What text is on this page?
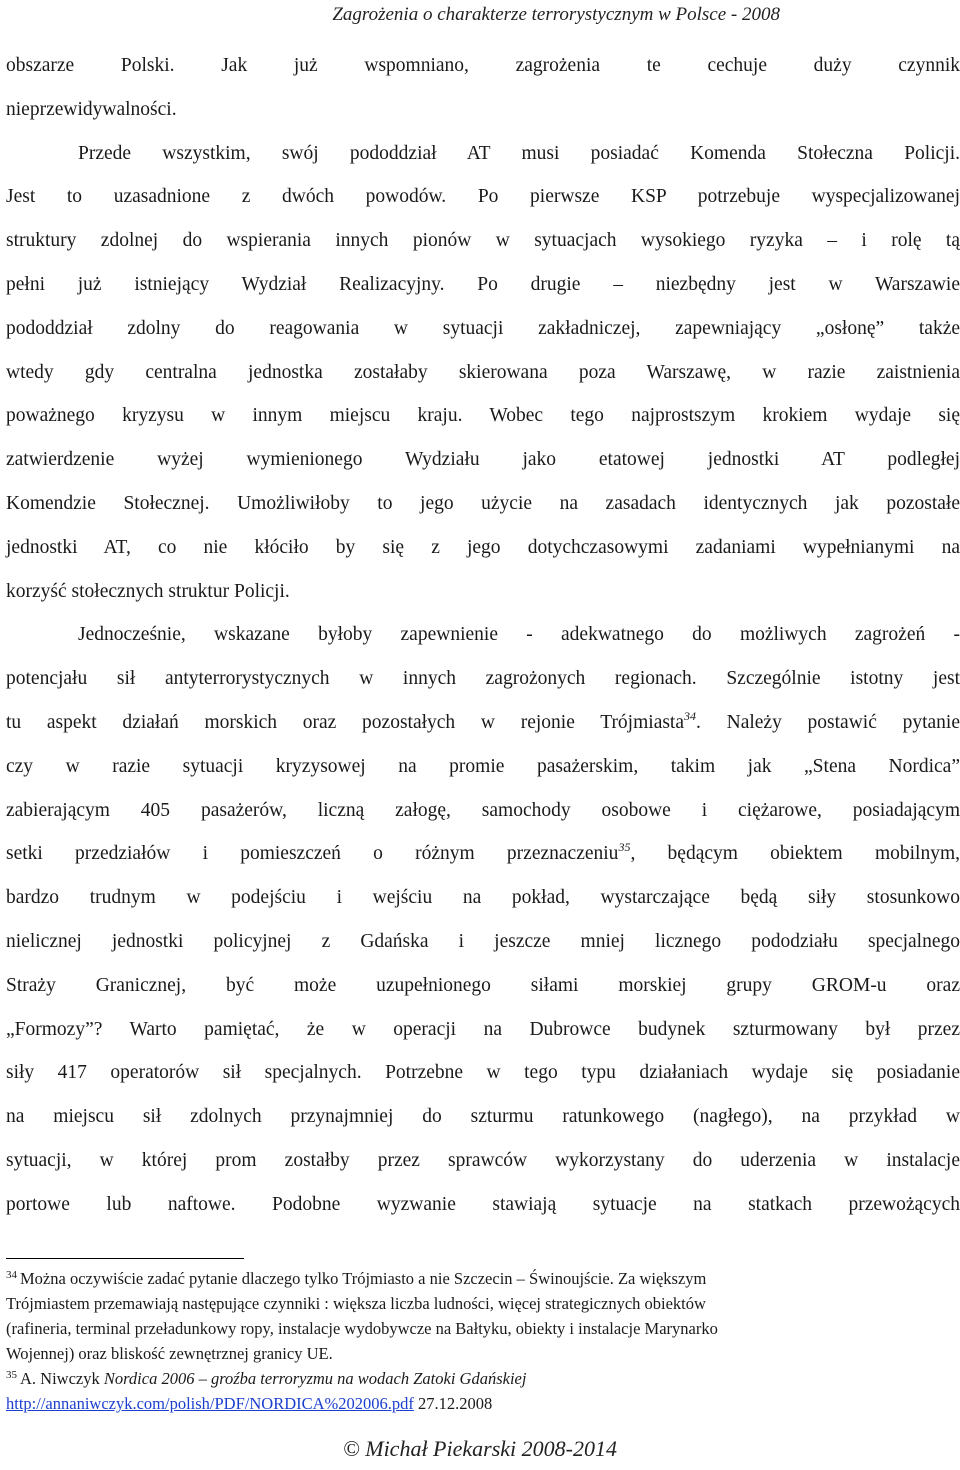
Zagrożenia o charakterze terrorystycznym w Polsce - 2008

obszarze Polski. Jak już wspomniano, zagrożenia te cechuje duży czynnik

nieprzewidywalności.

Przede wszystkim, swój pododdział AT musi posiadać Komenda Stołeczna Policji.

Jest to uzasadnione z dwóch powodów. Po pierwsze KSP potrzebuje wyspecjalizowanej

struktury zdolnej do wspierania innych pionów w sytuacjach wysokiego ryzyka – i rolę tą

pełni już istniejący Wydział Realizacyjny. Po drugie – niezbędny jest w Warszawie

pododdział zdolny do reagowania w sytuacji zakładniczej, zapewniający „osłonę” także

wtedy gdy centralna jednostka zostałaby skierowana poza Warszawę, w razie zaistnienia

poważnego kryzysu w innym miejscu kraju. Wobec tego najprostszym krokiem wydaje się

zatwierdzenie wyżej wymienionego Wydziału jako etatowej jednostki AT podległej

Komendzie Stołecznej. Umożliwiłoby to jego użycie na zasadach identycznych jak pozostałe

jednostki AT, co nie kłóciło by się z jego dotychczasowymi zadaniami wypełnianymi na

korzyść stołecznych struktur Policji.

Jednocześnie, wskazane byłoby zapewnienie - adekwatnego do możliwych zagrożeń -

potencjału sił antyterrorystycznych w innych zagrożonych regionach. Szczególnie istotny jest

tu aspekt działań morskich oraz pozostałych w rejonie Trójmiasta$^{34}$. Należy postawić pytanie

czy w razie sytuacji kryzysowej na promie pasażerskim, takim jak „Stena Nordica”

zabierającym 405 pasażerów, liczną załogę, samochody osobowe i ciężarowe, posiadającym

setki przedziałów i pomieszczeń o różnym przeznaczeniu$^{35}$, będącym obiektem mobilnym,

bardzo trudnym w podejściu i wejściu na pokład, wystarczające będą siły stosunkowo

nielicznej jednostki policyjnej z Gdańska i jeszcze mniej licznego pododziału specjalnego

Straży Granicznej, być może uzupełnionego siłami morskiej grupy GROM-u oraz

„Formozy”? Warto pamiętać, że w operacji na Dubrowce budynek szturmowany był przez

siły 417 operatorów sił specjalnych. Potrzebne w tego typu działaniach wydaje się posiadanie

na miejscu sił zdolnych przynajmniej do szturmu ratunkowego (nagłego), na przykład w

sytuacji, w której prom zostałby przez sprawców wykorzystany do uderzenia w instalacje

portowe lub naftowe. Podobne wyzwanie stawiają sytuacje na statkach przewożących

$^{34}$ Można oczywiście zadać pytanie dlaczego tylko Trójmiasto a nie Szczecin – Świnoujście. Za większym

Trójmiastem przemawiają następujące czynniki : większa liczba ludności, więcej strategicznych obiektów

(rafineria, terminal przeładunkowy ropy, instalacje wydobywcze na Bałtyku, obiekty i instalacje Marynarko

Wojennej) oraz bliskość zewnętrznej granicy UE.

$^{35}$ A. Niwczyk Nordica 2006 – groźba terroryzmu na wodach Zatoki Gdańskiej

http://annaniwczyk.com/polish/PDF/NORDICA%202006.pdf 27.12.2008

© Michał Piekarski 2008-2014
